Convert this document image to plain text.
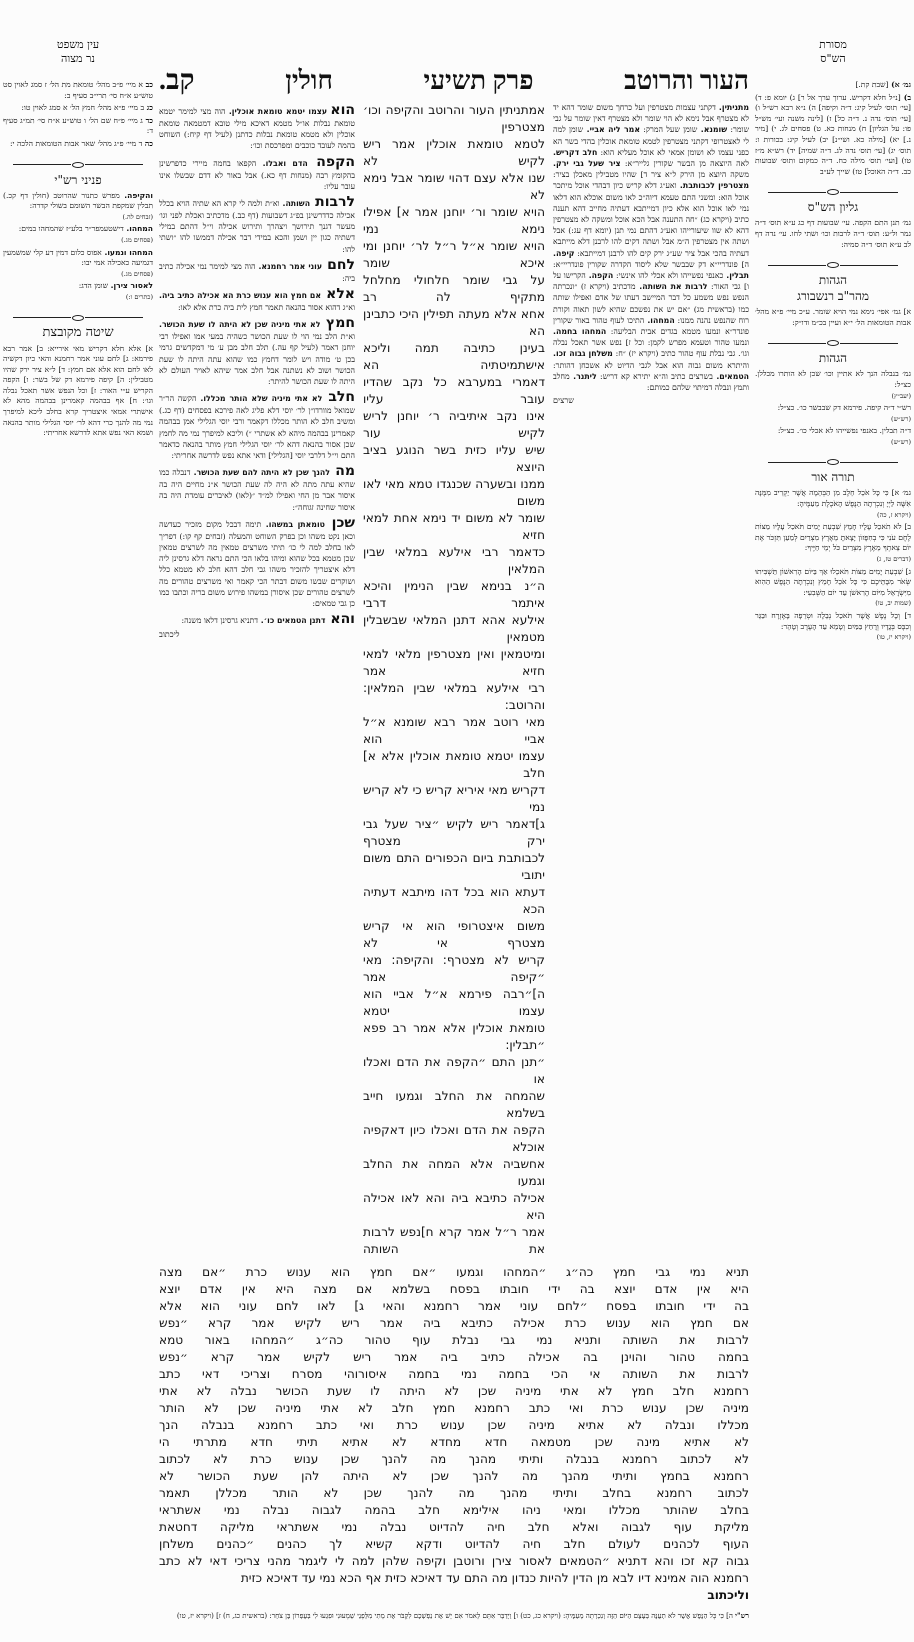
מסורת
הש"ס

גמ׳ א) [שבת קת.]

ב) [נ״ל חלא דקריש. ערוך ערך אל ר] ג) יומא פ: ד) [עי׳ תוס׳ לעיל קיג: ד״ה וקיפה] ה) נ״א רבא רש״ל ו) [עי׳ תוס׳ נדה נ. ד״ה כל] ז) [לינה משנה ועי׳ מש״ל פו: על הגליון] ח) מנחות כא. ט) פסחים לג. י) [מיר נ.] יא) [מילה כא. ושי״נ] יב) לעיל קיג: בכורות ו: תוס׳ יג) [עי׳ תוס׳ נדה לג. ד״ה שמיה] יד) רש״א מ״ז טו) [ועי׳ תוס׳ מילה כח. ד״ה כמקום ותוס׳ שבועות כב. ד״ה האוכל] טז) שייך לע״ב

גליון הש"ס

גמ׳ תנן התם הקפה. עי׳ שבועות דף כג ע״א תוס׳ ד״ה גמר ול״ע: תוס׳ ד״ה לרבות וכו׳ ושתי לחו. עי׳ נדה דף לב ע״א תוס׳ ד״ה סמיה:

הגהות
מהר"ב רנשבורג

א] גמ׳ אפי׳ נימא נמי הויא שומר. ע״כ מיי׳ פ״א מהל׳ אבות הטומאות הל׳ י״א ועיין בכ״מ ודו״ק:

הגהות

גמ׳ בנבלה הנך לא אתיין וכו׳ שכן לא הותרו מכללן. כצ״ל:
(יעב״ץ)

רש״י ד״ה קיפה. פירמא דק שבבשר כו׳. כצ״ל:
(רש״ש)

ד״ה תבלין. באנפי נפשייהו לא אכלי כו׳. כצ״ל:
(רש״ש)

תורה אור

גמ׳ א] כִּי כָּל אֹכֵל חֵלֶב מִן הַבְּהֵמָה אֲשֶׁר יַקְרִיב מִמֶּנָּה אִשֶּׁה לַיְיָ וְנִכְרְתָה הַנֶּפֶשׁ הָאֹכֶלֶת מֵעַמֶּיהָ:
(ויקרא ז, כה)

ב] לֹא תֹאכַל עָלָיו חָמֵץ שִׁבְעַת יָמִים תֹּאכַל עָלָיו מַצּוֹת לֶחֶם עֹנִי כִּי בְחִפָּזוֹן יָצָאתָ מֵאֶרֶץ מִצְרַיִם לְמַעַן תִּזְכֹּר אֶת יוֹם צֵאתְךָ מֵאֶרֶץ מִצְרַיִם כֹּל יְמֵי חַיֶּיךָ:
(דברים טז, ג)

ג] שִׁבְעַת יָמִים מַצּוֹת תֹּאכֵלוּ אַךְ בַּיּוֹם הָרִאשׁוֹן תַּשְׁבִּיתוּ שְּׂאֹר מִבָּתֵּיכֶם כִּי כָּל אֹכֵל חָמֵץ וְנִכְרְתָה הַנֶּפֶשׁ הַהִוא מִיִּשְׂרָאֵל מִיּוֹם הָרִאשֹׁן עַד יוֹם הַשְּׁבִעִי:
(שמות יב, טו)

ד] וְכָל נֶפֶשׁ אֲשֶׁר תֹּאכַל נְבֵלָה וּטְרֵפָה בָּאֶזְרָח וּבַגֵּר וְכִבֶּס בְּגָדָיו וְרָחַץ בַּמַּיִם וְטָמֵא עַד הָעֶרֶב וְטָהֵר:
(ויקרא יז, טו)

העור והרוטב
פרק תשיעי
חולין
קב.

מתניתין. דקתני עצמות מצטרפין ועל כרחך משום שומר דהא יד לא מצטרף אבל נימא לא הוי שומר ולא מצטרף דאין שומר על גבי שומר: שומנא. שומן שעל המרק: אמר ליה אביי. שומן למה לי לאצטרופי דקתני מצטרפין לטמא טומאת אוכלין בהדי בשר הא כפני עצמו לא ושומן אמאי לא אוכל מעליא הוא: חלב דקריש. לאה היוצאה מן הבשר שקורין גלייר״א: ציר שעל גבי ירק. משקה היוצא מן הירק ל״א ציר ד] שהיו מטבילין מאכלן בציר: מצטרפין לכבותבת. ואע״ג דלא קריש כיון דבהדי אוכל מיתכר אוכל הוא: ומשני התם טעמא דיוה״כ לאו משום אוכלא הוא דלאו נמי לאו אוכל הוא אלא כיון דמייתבא דעתיה מחייב דהא תענה כתיב (ויקרא כג) ״חה התענה אבל הכא אוכל ומשקה לא מצטרפין דהא לא שוו שיעורייהו ואע״ג דהתם נמי תנן (יומא דף עג:) אבל ושתה אין מצטרפין ה״מ אבל ושתה דקים להו לרבנן דלא מייתבא דעתיה בהכי אבל ציר שע״ג ירק קים להו לרבנן דמייתבא: קיפה. ה] פונדריי״א דק שבבשר שלא ליסוד הקדרה שקורין פונדריי״א: תבלין. כאנפי נפשייהו ולא אכלי להו אינשי: הקפה. הקרישו על ו] גבי האור: לרבות את השותה. מדכתיב (ויקרא ז) ״ונכרתה הנפש נפש משמע כל דבר המיישב דעתו של אדם ואפילו שותה כמו (בראשית מג) ״אם יש את נפשכם שהיא לשון תאוה וקורת רוח שהנפש נהנה ממנו: המחהו. התיכו לעוף טהור באור שקורין פונדר״א ונמעו מטמא בגדים אבית הבליעה: המחהו בחמה. ונמעו טהור וטעמא מפרש לקמן: וכל ז] נפש אשר תאכל נבלה וגו׳. גבי נבלת עוף טהור כתיב (ויקרא יז) ״ח: משלחן גבוה זכו. והיתרא משום גבוה הוא אבל לגבי הדיוט לא אשכחן דהותר: הטמאים. בשרצים כתיב וה״א יתירא קא דריש: ליתנר. מחלב ותמץ ונבלה דמיתוי שלהם כמותם:

שרצים
אמתניתין העור והרוטב והקיפה וכו׳ מצטרפין
לטמא טומאת אוכלין אמר ריש לקיש לא
שנו אלא עצם דהוי שומר אבל נימא לא
הויא שומר ור׳ יוחנן אמר א] אפילו נימא נמי
הויא שומר א״ל ר״ל לר׳ יוחנן ומי איכא שומר
על גבי שומר חלחולי מחלחל מתקיף לה רב
אחא אלא מעתה תפילין היכי כתבינן הא
בעינן כתיבה תמה וליכא אישתמיטתיה הא
דאמרי במערבא כל נקב שהדיו עובר עליו
אינו נקב איתיביה ר׳ יוחנן לריש לקיש עור
שיש עליו כזית בשר הנוגע בציב היוצא
ממנו ובשערה שכנגדו טמא מאי לאו משום
שומר לא משום יד נימא אחת למאי חזיא
כדאמר רבי אילעא במלאי שבין המלאין
ה״נ בנימא שבין הנימין והיכא איתמר דרבי
אילעא אהא דתנן המלאי שבשבלין מטמאין
ומיטמאין ואין מצטרפין מלאי למאי חזיא אמר
רבי אילעא במלאי שבין המלאין: והרוטב:
מאי רוטב אמר רבא שומנא א״ל אביי הוא
עצמו יטמא טומאת אוכלין אלא א] חלב
דקריש מאי איריא קריש כי לא קריש נמי
ג]דאמר ריש לקיש ״ציר שעל גבי ירק מצטרף
לכבותבת ביום הכפורים התם משום יתובי
דעתא הוא בכל דהו מיתבא דעתיה הכא
משום איצטרופי הוא אי קריש מצטרף אי לא
קריש לא מצטרף: והקיפה: מאי ״קיפה אמר
ה]״רבה פירמא א״ל אביי הוא עצמו יטמא
טומאת אוכלין אלא אמר רב פפא ״תבלין:
״תנן התם ״הקפה את הדם ואכלו או
שהמחה את החלב וגמעו חייב בשלמא
הקפה את הדם ואכלו כיון דאקפיה אוכלא
אחשביה אלא המחה את החלב וגמעו
אכילה כתיבא ביה והא לאו אכילה היא
אמר ר״ל אמר קרא ח]נפש לרבות את השותה

הוא עצמו יטמא טומאת אוכלין. הוה מצי למימר יטמא טומאת נבלות או״ל מטמא דאיכא מילי טובא דמטמאה טומאת אוכלין ולא מטמא טומאת נבלות כדתנן (לעיל דף קיח:) השוחט בהמה לעובד כוכבים ומפרכסת וכו׳:

הקפה הדם ואבלו. הקפאו בחמה מיירי כדפרשינן בהקומץ רבה (מנחות דף כא.) אבל באור לא דדם שבשלו אינו עובר עליו:

לרבות השותה. וא״ת ולמה לי קרא הא שתיה הויא בכלל אכילה כדדרשינן בפ״ג דשבועות (דף כב.) מדכתיב ואכלת לפני וגו׳ מעשר דגנך תירושך ויצהרך ותירוש אכילה וי״ל דהתם במילי דשתיה כגון יין ושמן והכא במידי דבר אכילה דממשו להו ״ושתי להו:

לחם עוני אמר רחמנא. הוה מצי למימר נמי אכילה כתיב ביה:

אלא אם חמץ הוא ענוש כרת הא אכילה כתיב ביה. וא״ג דהוא אסור בהנאה תאמר חמץ לית ביה כרת אלא לאו:

חמץ לא אתי מיניה שכן לא היתה לו שעת הכושר. וא״ת הלב נמי הוי לו שעת הכושר כשהיה במעי אמו ואפילו רבי יוחנן דאמר (לעיל קף עה.) תלב חלב מבן ע׳ מי דמקדשים גרמי בכן ט׳ מודה ויש לומר דחמץ כמו שהוא עתה היתה לו שעת הכושר ושוב לא נשתנה אבל חלב אמר שיהא לאויר העולם לא היתה לו שעת הכושר להיתר:

חלב לא אתי מיניה שלא הותר מכללו. הקשה הר״ר שמואל מוורדו״ן לר׳ יוסי דלא פליג לאה פירכא בפסחים (דף כג.) ומשיב חלב לא הותר מכללו דקאמר ורבי יוסי הגלילי אמן בבהמה קאמרינן בבהמה מיהא לא אשתרי ״) וליכא למיפרך נמי מה לחמץ שכן אסור בהנאה דהא לר׳ יוסי הגלילי חמץ מותר בהנאה כדאמר התם וי״ל דלרבי יוסי [הגלילי] ודאי אתא נפש לדרשה אחריתי:

מה להנך שכן לא היתה להם שעת הכושר. דנבלה כמו שהיא עתה מתה לא היה לה שעת הכושר א״נ מחיים היה בה איסור אבר מן החי ואפילו למ״ד ״(לאו) לאיברים עומדת היה בה איסור שחינה זגוחה״:

שכן טומאתן במשהו. תימה דבכל מקום מזכיר כעדשה וכאן נקט משהו וכן בפרק השוחט והמעלה (זבחים קף קו:) דפריך לאו בחלב למה לי כו׳ תיתי משרצים טמאין מה לשרצים טמאין שכן מטמא בכל שהוא ומיהו בלאו הכי התם נראה דלא גרסינן ליה דלא איצטריך להזכיר משהו גבי חלב דהא חלב לא מטמא כלל ושוקרים שבשו משום דבתר הכי קאמר ואי משרצים טהורים מה לשרצים טהורים שכן איסורן במשהו פירוש משום בריה וכתבו כמו כן גבי טמאים:

והא דתנן הטמאים כו׳. דתניא גרסינן דלאו משנה:

ליכתוב
תניא נמי גבי חמץ כה״ג ״המחהו וגמעו ״אם חמץ הוא ענוש כרת ״אם מצה
היא אין אדם יוצא בה ידי חובתו בפסח בשלמא אם מצה היא אין אדם יוצא
בה ידי חובתו בפסח ״לחם עוני אמר רחמנא והאי ג] לאו לחם עוני הוא אלא
אם חמץ הוא ענוש כרת אכילה כתיבא ביה אמר ריש לקיש אמר קרא ״נפש
לרבות את השותה ותניא נמי גבי נבלת עוף טהור כה״ג ״המחהו באור טמא
בחמה טהור והוינן בה אכילה כתיב ביה אמר ריש לקיש אמר קרא ״נפש
לרבות את השותה אי הכי בחמה נמי בחמה איסורוהי מסרח וצריכי דאי כתב
רחמנא חלב חמץ לא אתי מיניה שכן לא היתה לו שעת הכושר נבלה לא אתי
מיניה שכן ענוש כרת ואי כתב רחמנא חמץ חלב לא אתי מיניה שכן לא הותר
מכללו ונבלה לא אתיא מיניה שכן ענוש כרת ואי כתב רחמנא בנבלה הנך
לא אתיא מינה שכן מטמאה חדא מחדא לא אתיא תיתי חדא מתרתי הי
לא לכתוב רחמנא בנבלה ותיתי מהנך מה להנך שכן ענוש כרת לא לכתוב
רחמנא בחמץ ותיתי מהנך מה להנך שכן לא היתה להן שעת הכושר לא
לכתוב רחמנא בחלב ותיתי מהנך מה להנך שכן לא הותר מכללן תאמר
בחלב שהותר מכללו ומאי ניהו אילימא חלב בהמה לגבוה נבלה נמי אשתראי
מליקת עוף לגבוה ואלא חלב חיה להדיוט נבלה נמי אשתראי מליקה דחטאת
העוף לכהנים לעולם חלב חיה להדיוט ודקא קשיא לך כהנים ״כהנים משלחן
גבוה קא זכו והא דתניא ״הטמאים לאסור צירן ורוטבן וקיפה שלהן למה לי ליגמר מהני צריכי דאי לא כתב
רחמנא הוה אמינא דיו לבא מן הדין להיות כנדון מה התם עד דאיכא כזית אף הכא נמי עד דאיכא כזית
וליכתוב
רש"י ה] כִּי כָּל הַנֶּפֶשׁ אֲשֶׁר לֹא תְעֻנֶּה בְּעֶצֶם הַיּוֹם הַזֶּה וְנִכְרְתָה מֵעַמֶּיהָ: (ויקרא כג, כט) ו] וַיְדַבֵּר אִתָּם לֵאמֹר אִם יֵשׁ אֶת נַפְשְׁכֶם לִקְבֹּר אֶת מֵתִי מִלְּפָנַי שְׁמָעוּנִי וּפִגְעוּ לִי בְּעֶפְרוֹן בֶּן צֹחַר: (בראשית כג, ח) ז] (ויקרא יז, טו)
עין משפט
נר מצוה

כב א מיי׳ פ״ב מהל׳ טומאת מת הל׳ ז סמג לאוין סט טוש״ע א״ח סי׳ תרי״ב סעיף ב:

כג ב מיי׳ פ״א מהל׳ חמץ הל׳ א סמג לאוין טו:

כד ג מיי׳ פ״ח שם הל׳ ו טוש״ע א״ח סי׳ תמ״ג סעיף ד:

כה ד מיי׳ פ״ג מהל׳ שאר אבות הטומאות הלכה י:

פניני רש"י

והקיפה. מפרש כתנור שהרוטב (חולין דף קכ.) תבלין שמקפת הבשר השומם בשולי קדרה:
(זבחים לה.)

המחהו. דישטעמפר״ר בלע״ז שהמחהו במים:
(פסחים מג.)

המחהו ונמעו. אפוס כלום דמין דע קלי שמשמעין דגמיעה כאכילה אמי יבו:
(פסחים מג.)

לאסור צירן. שומן הדג:
(כתרים ו:)

שיטה מקובצת

א] אלא חלא דקריש מאי אירייא: ב] אמר רבא פירמא: ג] לחם עוני אמר רחמנא והאי כיון דקשיה לאו לחם הוא אלא אם חמץ: ד] ל״א ציר ירק שהיו מטבילין: ה] קיפה פירמא דק של בשר: ו] הקפה הקריש ע״י האור: ז] וכל הנפש אשר תאכל נבלה וגו׳: ח] אף בבהמה קאמרינן בבהמה מהא לא אישתרי אמאי איצטריך קרא בחלב ליכא למיפרך נמי מה להנך כרי דהא לר׳ יוסי הגלילי מותר בהנאה ושמא האי נפש אתא לדרשא אחריתי:
